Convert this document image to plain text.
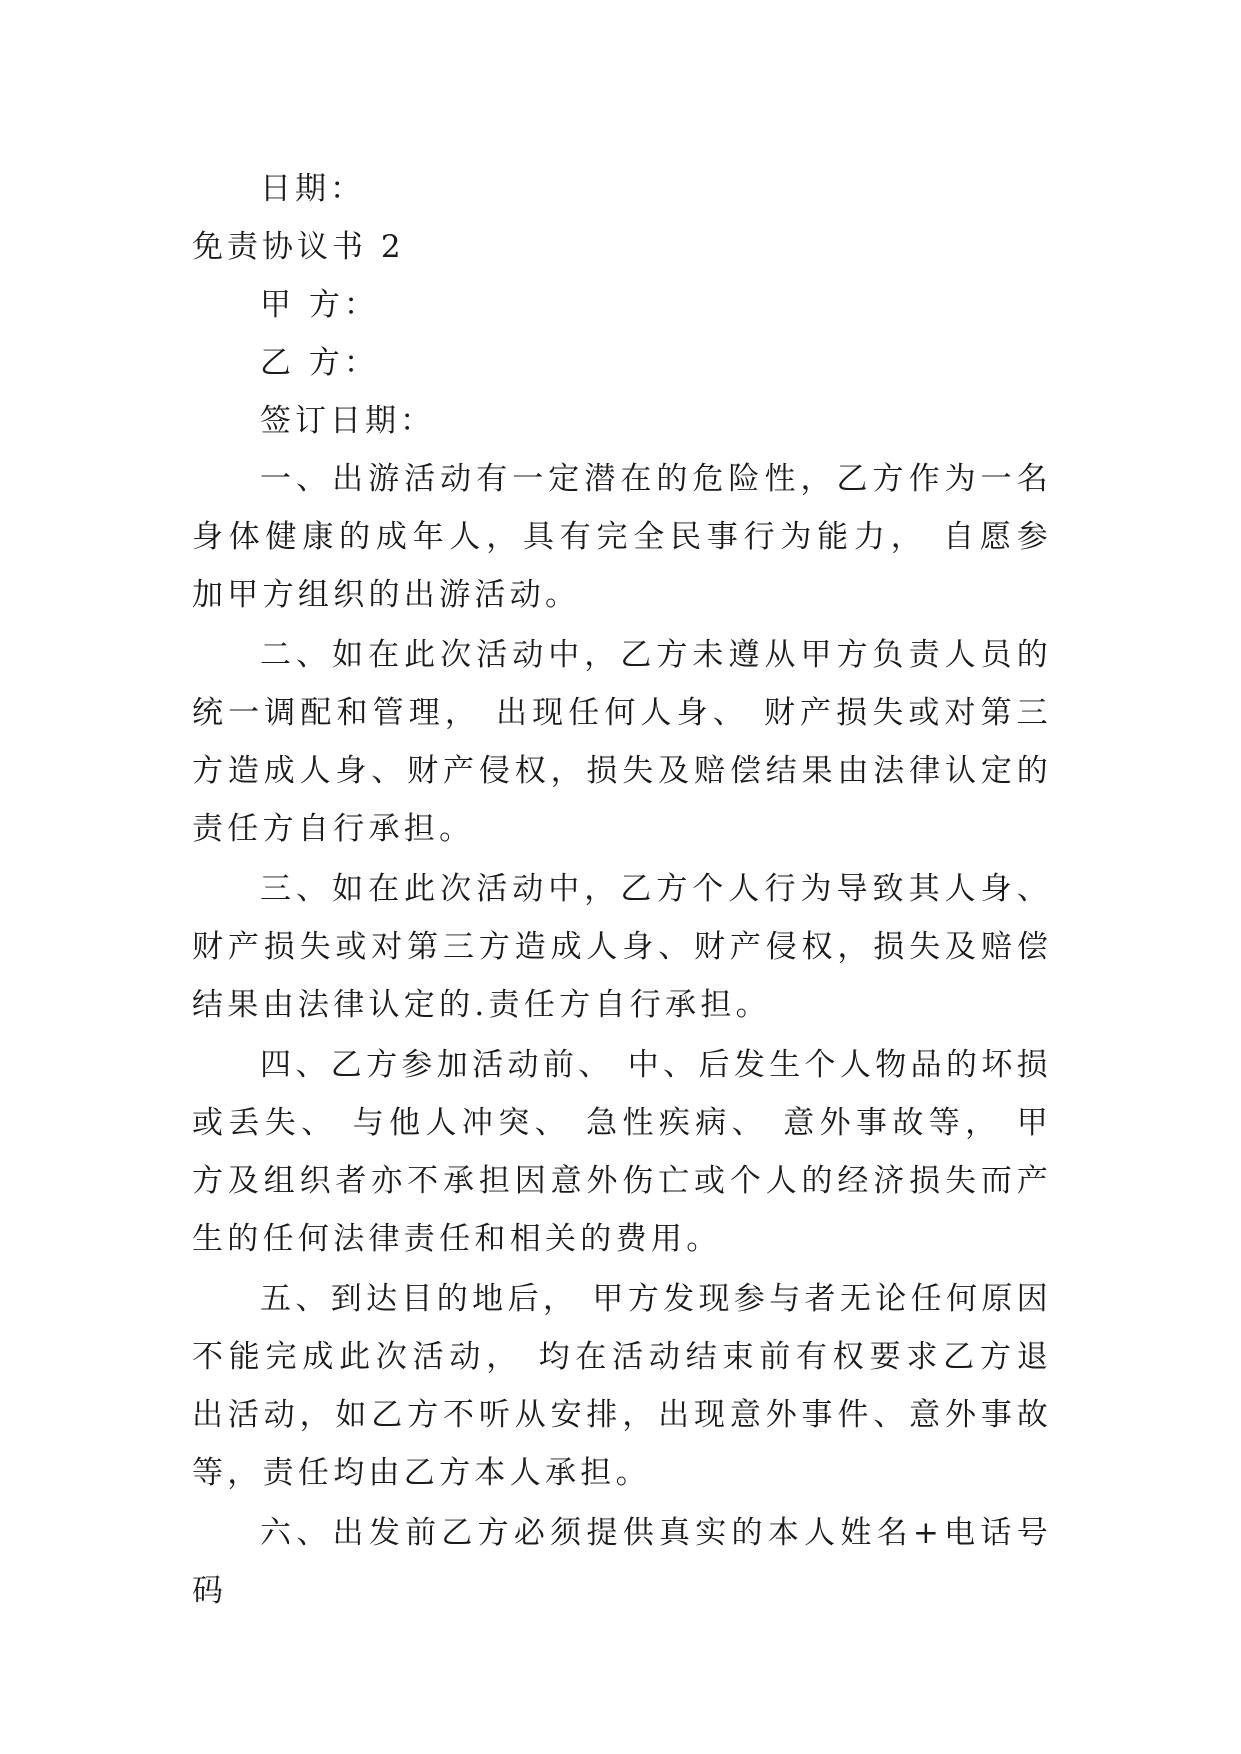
日期：

免责协议书 2

甲 方：

乙 方：

签订日期：

一、出游活动有一定潜在的危险性，乙方作为一名身体健康的成年人，具有完全民事行为能力， 自愿参加甲方组织的出游活动。

二、如在此次活动中，乙方未遵从甲方负责人员的统一调配和管理， 出现任何人身、 财产损失或对第三方造成人身、财产侵权，损失及赔偿结果由法律认定的责任方自行承担。

三、如在此次活动中，乙方个人行为导致其人身、财产损失或对第三方造成人身、财产侵权，损失及赔偿结果由法律认定的.责任方自行承担。

四、乙方参加活动前、 中、后发生个人物品的坏损或丢失、 与他人冲突、 急性疾病、 意外事故等， 甲方及组织者亦不承担因意外伤亡或个人的经济损失而产生的任何法律责任和相关的费用。

五、到达目的地后， 甲方发现参与者无论任何原因不能完成此次活动， 均在活动结束前有权要求乙方退出活动，如乙方不听从安排，出现意外事件、意外事故等，责任均由乙方本人承担。

六、出发前乙方必须提供真实的本人姓名+电话号码
